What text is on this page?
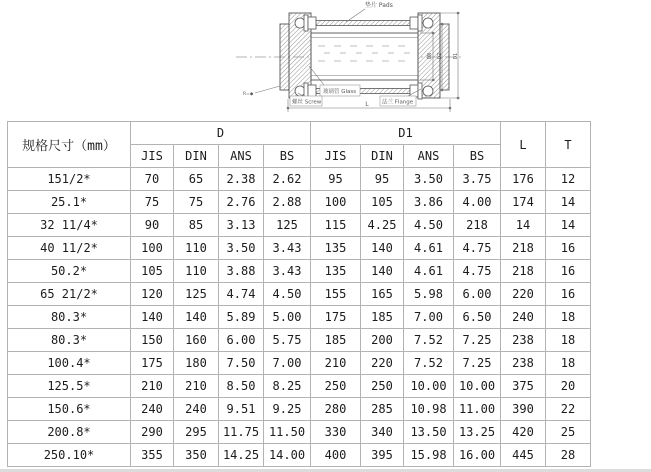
DN D2 D1
L
垫片 Pads
玻璃管 Glass
螺丝 Screw	法兰 Flange
R=◆
规格尺寸（mm）	D				D1				L	T
	JIS	DIN	ANS	BS	JIS	DIN	ANS	BS		
151/2*	70	65	2.38	2.62	95	95	3.50	3.75	176	12
25.1*	75	75	2.76	2.88	100	105	3.86	4.00	174	14
32 11/4*	90	85	3.13	125	115	4.25	4.50	218	14	14
40 11/2*	100	110	3.50	3.43	135	140	4.61	4.75	218	16
50.2*	105	110	3.88	3.43	135	140	4.61	4.75	218	16
65 21/2*	120	125	4.74	4.50	155	165	5.98	6.00	220	16
80.3*	140	140	5.89	5.00	175	185	7.00	6.50	240	18
80.3*	150	160	6.00	5.75	185	200	7.52	7.25	238	18
100.4*	175	180	7.50	7.00	210	220	7.52	7.25	238	18
125.5*	210	210	8.50	8.25	250	250	10.00	10.00	375	20
150.6*	240	240	9.51	9.25	280	285	10.98	11.00	390	22
200.8*	290	295	11.75	11.50	330	340	13.50	13.25	420	25
250.10*	355	350	14.25	14.00	400	395	15.98	16.00	445	28
